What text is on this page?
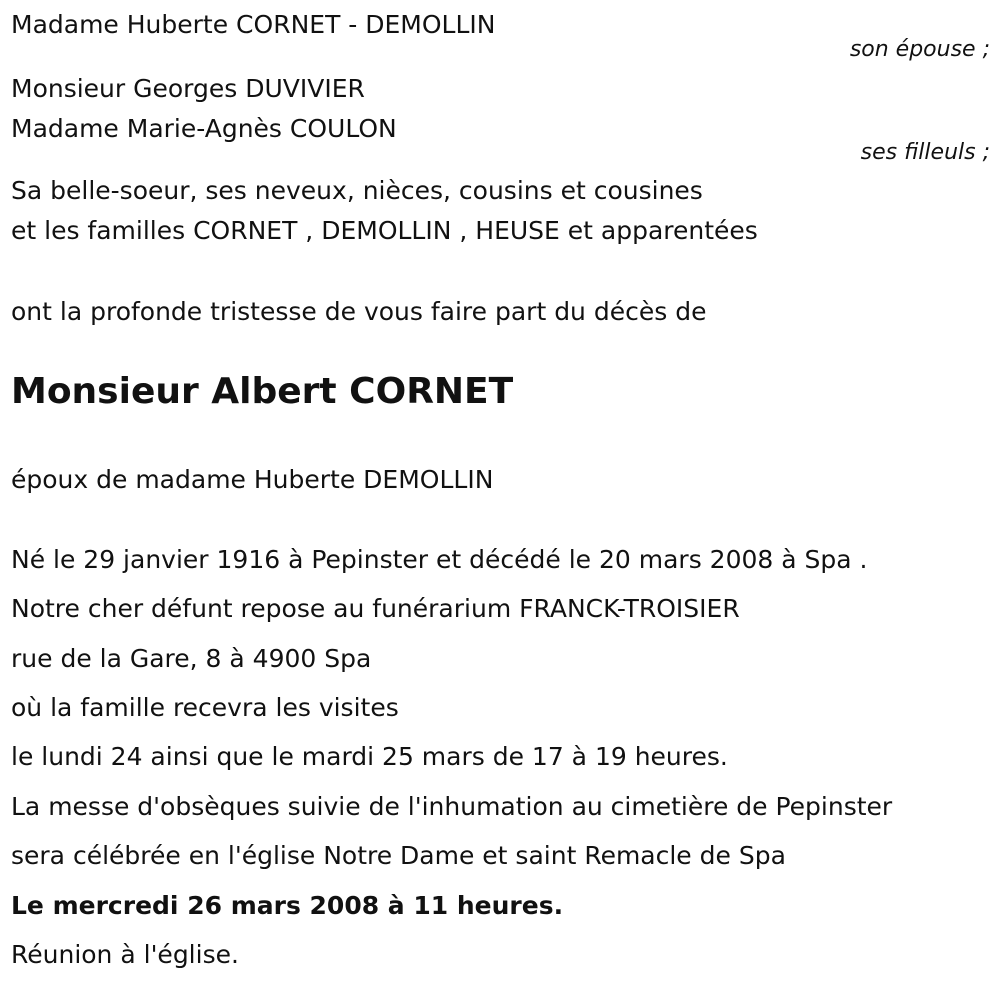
Madame Huberte CORNET - DEMOLLIN
son épouse ;
Monsieur Georges DUVIVIER
Madame Marie-Agnès COULON
ses filleuls ;
Sa belle-soeur, ses neveux, nièces, cousins et cousines
et les familles CORNET , DEMOLLIN , HEUSE et apparentées
ont la profonde tristesse de vous faire part du décès de
Monsieur Albert CORNET
époux de madame Huberte DEMOLLIN
Né le 29 janvier 1916 à Pepinster et décédé le 20 mars 2008 à Spa .
Notre cher défunt repose au funérarium FRANCK-TROISIER
rue de la Gare, 8 à 4900 Spa
où la famille recevra les visites
le lundi 24 ainsi que le mardi 25 mars de 17 à 19 heures.
La messe d'obsèques suivie de l'inhumation au cimetière de Pepinster
sera célébrée en l'église Notre Dame et saint Remacle de Spa
Le mercredi 26 mars 2008 à 11 heures.
Réunion à l'église.
